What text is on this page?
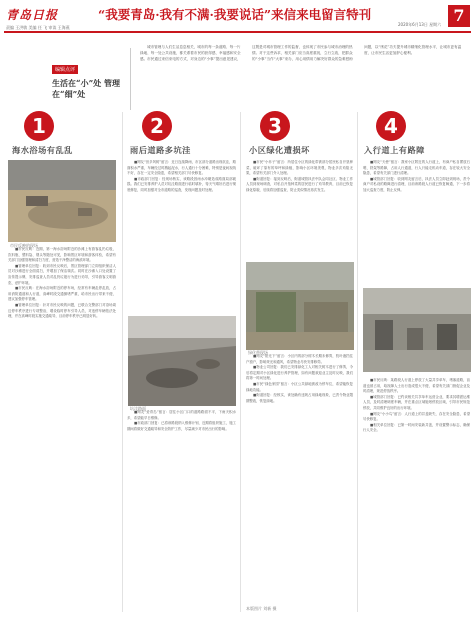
青岛日报	“我要青岛·我有不满·我要说话”来信来电留言特刊
责编 王洪敏 美编 任 飞 审读 王海燕
2020年6月13日 星期六 7
编辑点评
生活在“小”处 管理在“细”处
城市管理与人们生活息息相关，城市的每一条道路、每一片绿地、每一处公共设施，都关系着市民的获得感、幸福感和安全感。市民通过来信来电的方式，对身边的“小事”提出意见建议，这既是对城市管理工作的监督，也体现了市民参与城市治理的热情。对于这些诉求，相关部门应当高度重视，立行立改，把群众的“小事”当作“大事”来办，用心用情用力解决好群众的急难愁盼问题，以“绣花”功夫提升城市精细化管理水平，让城市更有温度，让市民生活更加舒心便利。
1	2	3	4
海水浴场有乱乱	雨后道路多坑洼	小区绿化遭损坏	入行道上有路障

■市民反映：近期，第一海水浴场附近的沙滩上有游客乱扔垃圾，饮料瓶、塑料袋、烟头等随处可见，影响景区环境和游客体验，希望有关部门加强管理和清扫力度，营造干净整洁的海滨环境。

■管理单位回复：收到市民反映后，景区管理部门立即组织保洁人员对沙滩进行全面清扫，并增加了保洁频次。同时在沙滩入口处设置了宣传提示牌，安排巡查人员对乱扔垃圾行为进行劝导，引导游客文明游览、爱护环境。

■市民反映：在海水浴场附近的停车场，经常有车辆乱停乱放，占用消防通道和人行道，高峰时段交通拥堵严重，给市民出行带来不便，建议加强停车管理。

■管理单位回复：针对市民反映的问题，已联合交警部门对浴场周边停车秩序进行专项整治，增设临时停车引导人员，对违停车辆依法处理，并在高峰时段实施交通疏导，目前停车秩序已明显好转。

■网友“田多风树”留言：近日连续降雨，市区部分道路出现坑洼，路面积水严重，车辆经过时溅起泥水，行人通行十分困难，特别是夜间视线不好，存在一定安全隐患，希望相关部门尽快修复。

■市政部门回复：经现场核实，该路段因雨水冲刷造成路面局部破损。我们已安排养护人员对坑洼路面进行临时填补，待天气晴好后进行彻底修复，同时加强对全市道路的巡查，发现问题及时处理。

■网友“爱青岛”留言：居住小区门口的道路路面不平，下雨天积水多，希望能早日维修。

■市政部门回复：已将该路段纳入维修计划，近期将组织施工，施工期间将做好交通疏导和安全防护工作，尽量减少对市民出行的影响。

■市民“小乔子”留言：所居住小区的绿化带被部分居民私自开垦种菜，破坏了原有的草坪和绿植，影响小区环境美观，物业多次劝阻无果，希望有关部门介入处理。

■街道回复：接到反映后，街道城管执法中队会同社区、物业工作人员到现场调查，对私自开垦种菜的居民进行了劝导教育，目前已恢复绿化原貌，后续将加强巡查，防止类似情况再次发生。

■网友“阳光下”留言：小区内的部分树木长期未修剪，枝叶遮挡住户窗户，影响采光和通风，希望物业尽快安排修剪。

■物业公司回复：我们已安排绿化工人对相关树木进行了修剪，今后将定期对小区绿化进行养护管理，如有问题欢迎业主及时反映，我们将第一时间处理。

■市民“绿色家园”留言：小区公共绿地被改为停车位，希望能恢复绿地功能。

■街道回复：经核实，该处确有违规占用绿地现象，已责令物业限期整改，恢复绿地。

■网友“天使”留言：我家小区附近的人行道上，有商户私自摆放石墩、铁架等路障，占用人行通道，行人只能走机动车道，存在较大安全隐患，希望有关部门进行清理。

■城管部门回复：收到网友留言后，执法人员立即赶到现场，责令商户对私设的路障进行清理，目前该路段人行道已恢复畅通，下一步将加大巡查力度，防止反弹。

■市民反映：某路段人行道上停放了大量共享单车，堵塞道路，盲道也被占用，给视障人士出行造成很大不便，希望有关部门督促企业及时清理，规范停放秩序。

■城管部门回复：已约谈相关共享单车运营企业，要求其增派运维人员，及时清理调度车辆，并在重点区域施划停放区域，引导市民规范停放，共同维护良好的出行环境。

■网友“小小鸟”留言：人行道上的井盖缺失，存在安全隐患，希望尽快修复。

■相关单位回复：已第一时间安装新井盖，并设置警示标志，确保行人安全。

市民反映的现场
坑洼路面
绿化带现场
本版图片 刘新 摄
